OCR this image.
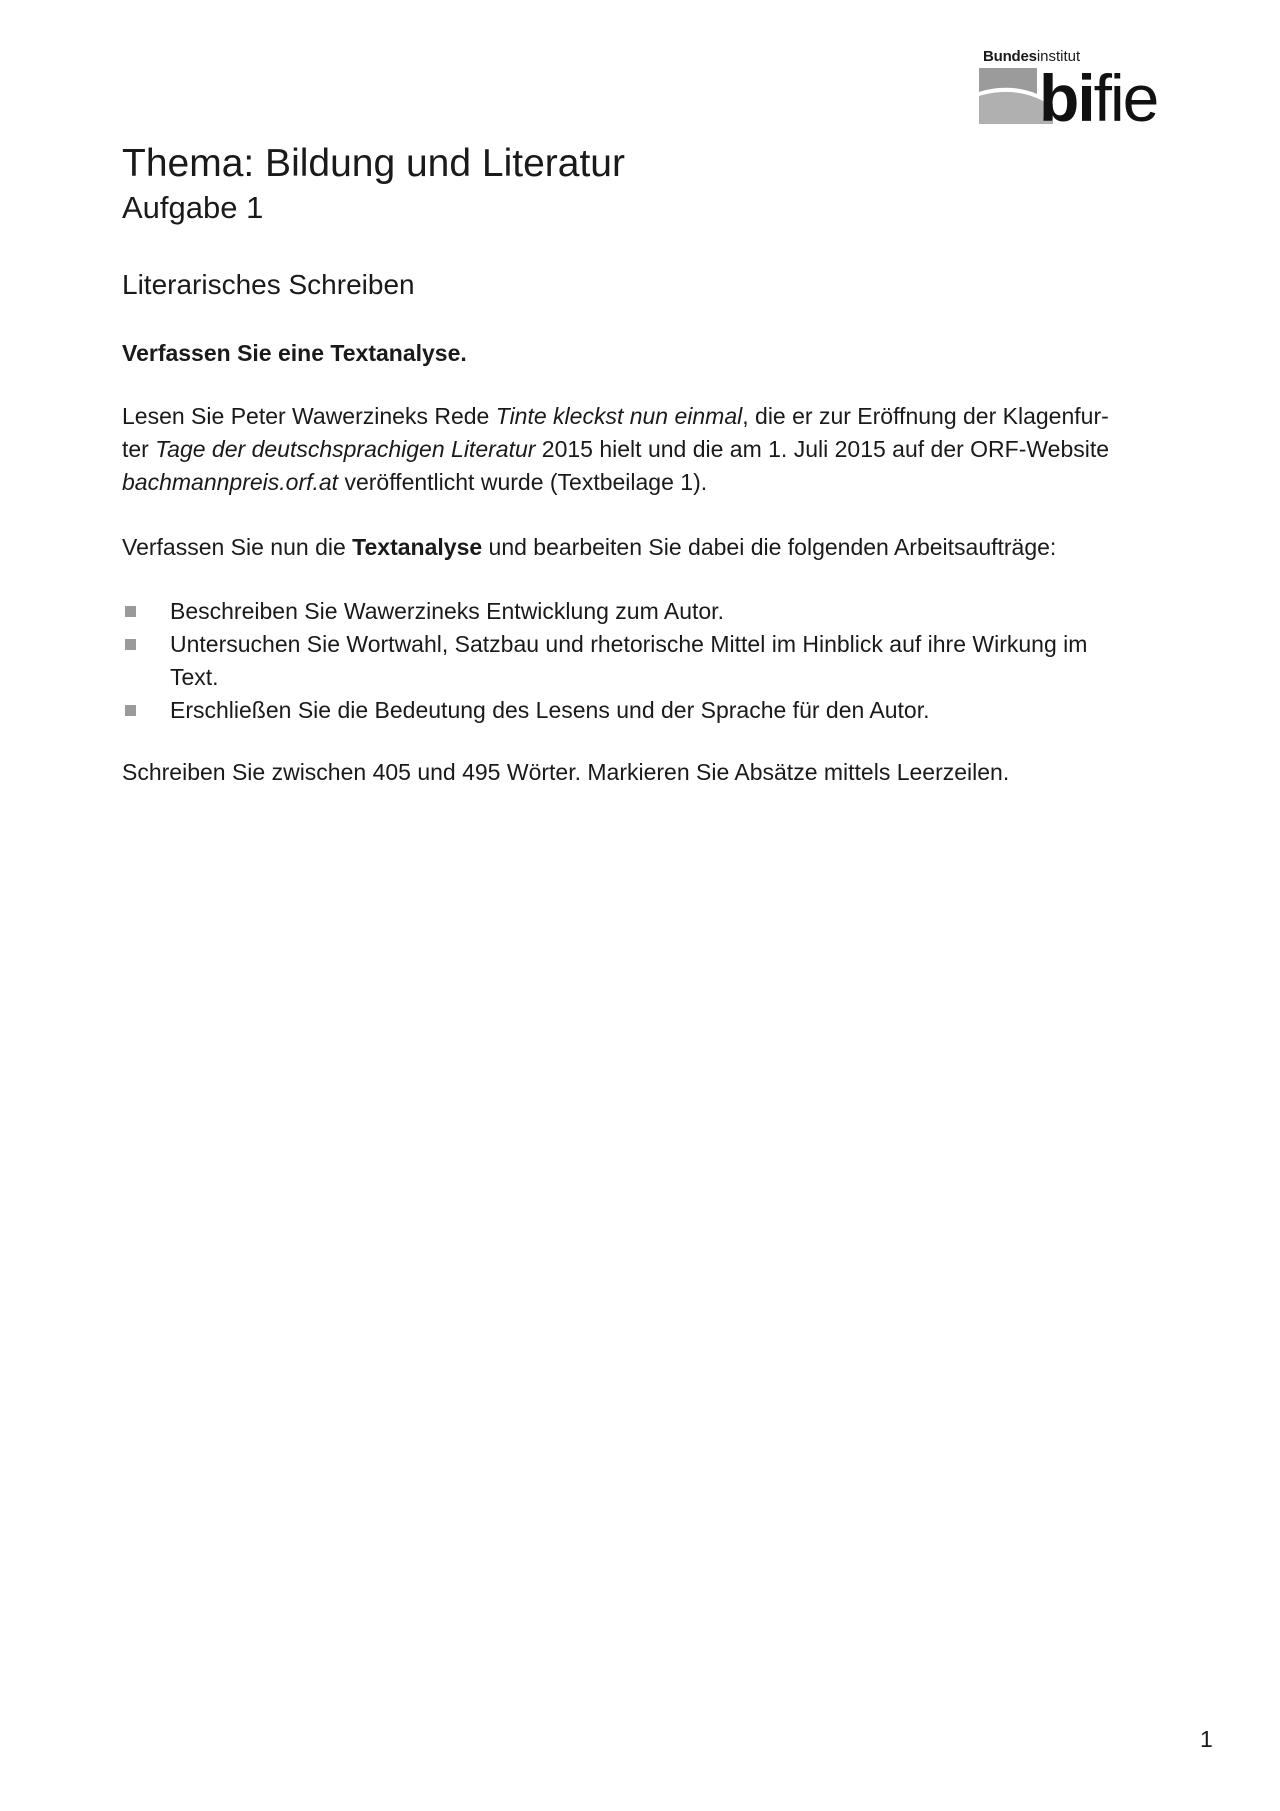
Bundesinstitut
bifie
Thema: Bildung und Literatur
Aufgabe 1
Literarisches Schreiben
Verfassen Sie eine Textanalyse.
Lesen Sie Peter Wawerzineks Rede Tinte kleckst nun einmal, die er zur Eröffnung der Klagenfur-
ter Tage der deutschsprachigen Literatur 2015 hielt und die am 1. Juli 2015 auf der ORF-Website
bachmannpreis.orf.at veröffentlicht wurde (Textbeilage 1).
Verfassen Sie nun die Textanalyse und bearbeiten Sie dabei die folgenden Arbeitsaufträge:
Beschreiben Sie Wawerzineks Entwicklung zum Autor.
Untersuchen Sie Wortwahl, Satzbau und rhetorische Mittel im Hinblick auf ihre Wirkung im
Text.
Erschließen Sie die Bedeutung des Lesens und der Sprache für den Autor.
Schreiben Sie zwischen 405 und 495 Wörter. Markieren Sie Absätze mittels Leerzeilen.
1
